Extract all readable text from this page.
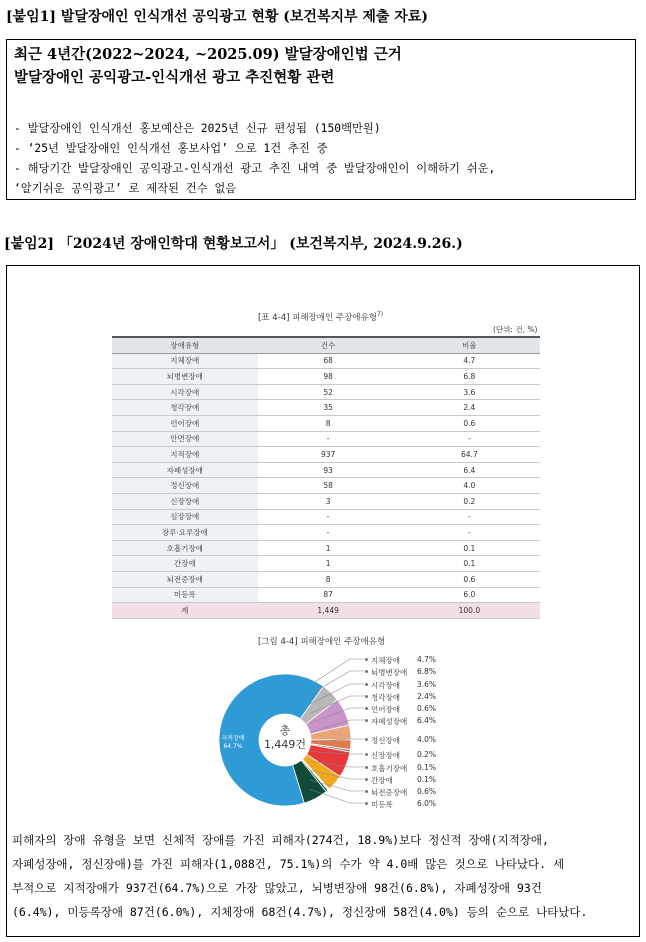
[붙임1] 발달장애인 인식개선 공익광고 현황 (보건복지부 제출 자료)
최근 4년간(2022~2024, ~2025.09) 발달장애인법 근거
발달장애인 공익광고-인식개선 광고 추진현황 관련
- 발달장애인 인식개선 홍보예산은 2025년 신규 편성됨 (150백만원)
- ‘25년 발달장애인 인식개선 홍보사업’ 으로 1건 추진 중
- 해당기간 발달장애인 공익광고-인식개선 광고 추진 내역 중 발달장애인이 이해하기 쉬운,
‘알기쉬운 공익광고’ 로 제작된 건수 없음
[붙임2] 「2024년 장애인학대 현황보고서」 (보건복지부, 2024.9.26.)
[표 4-4] 피해장애인 주장애유형$^{7)}$
(단위: 건, %)
장애유형	건수	비율
지체장애	68	4.7
뇌병변장애	98	6.8
시각장애	52	3.6
청각장애	35	2.4
언어장애	8	0.6
안면장애	-	-
지적장애	937	64.7
자폐성장애	93	6.4
정신장애	58	4.0
신장장애	3	0.2
심장장애	-	-
장루·요루장애	-	-
호흡기장애	1	0.1
간장애	1	0.1
뇌전증장애	8	0.6
미등록	87	6.0
계	1,449	100.0
[그림 4-4] 피해장애인 주장애유형
총
1,449건
지적장애
64.7%
지체장애 4.7%
뇌병변장애 6.8%
시각장애 3.6%
청각장애 2.4%
언어장애 0.6%
자폐성장애 6.4%
정신장애 4.0%
신장장애 0.2%
호흡기장애 0.1%
간장애	0.1%
뇌전증장애 0.6%
미등록	6.0%
피해자의 장애 유형을 보면 신체적 장애를 가진 피해자(274건, 18.9%)보다 정신적 장애(지적장애,
자폐성장애, 정신장애)를 가진 피해자(1,088건, 75.1%)의 수가 약 4.0배 많은 것으로 나타났다. 세
부적으로 지적장애가 937건(64.7%)으로 가장 많았고, 뇌병변장애 98건(6.8%), 자폐성장애 93건
(6.4%), 미등록장애 87건(6.0%), 지체장애 68건(4.7%), 정신장애 58건(4.0%) 등의 순으로 나타났다.
